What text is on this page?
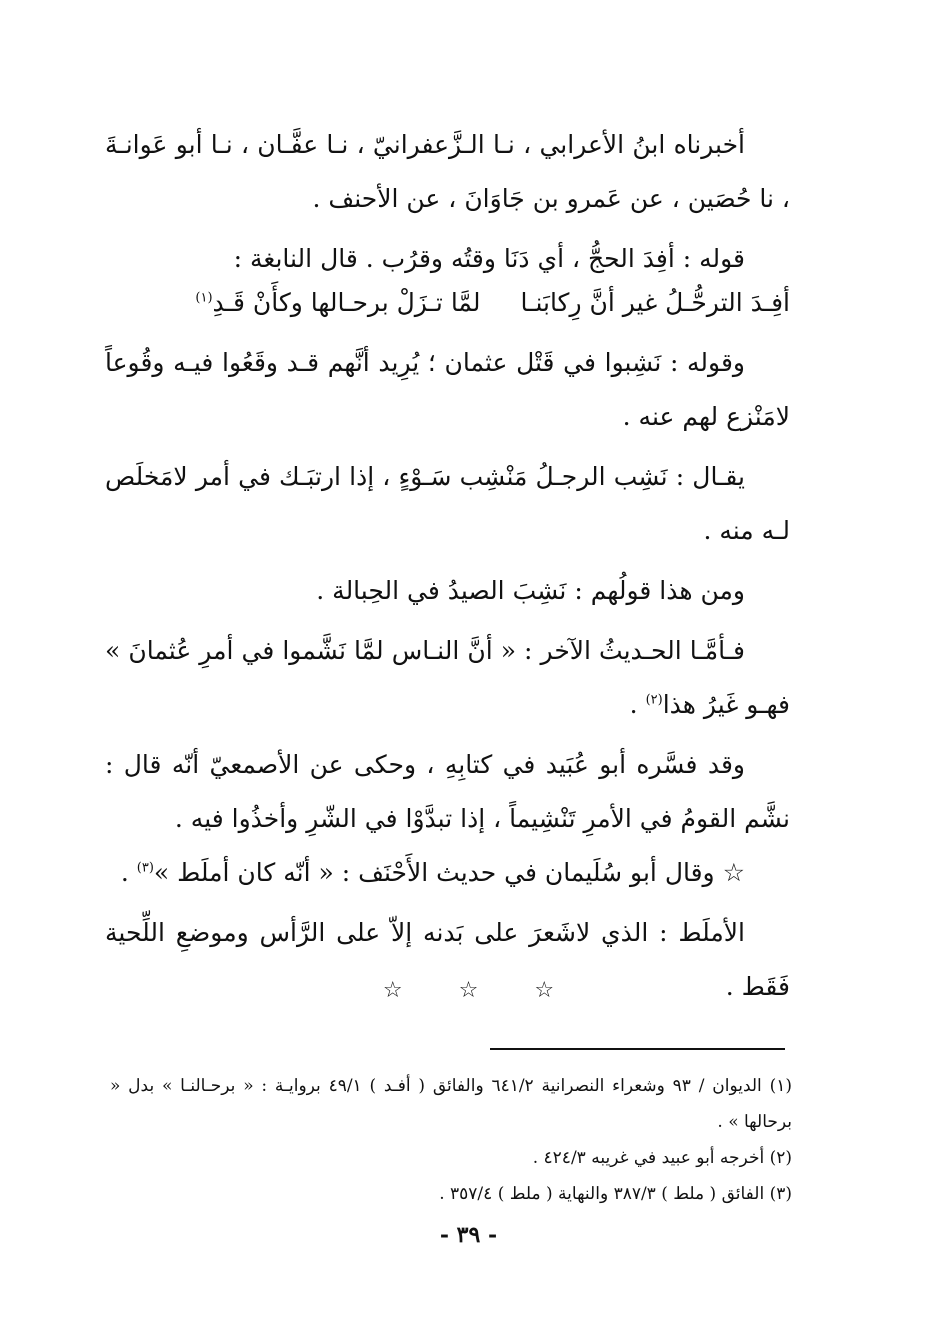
أخبرناه ابنُ الأعرابي ، نـا الـزَّعفرانيّ ، نـا عفَّـان ، نـا أبو عَوانـةَ ، نا حُصَين ، عن عَمرو بن جَاوَانَ ، عن الأحنف .

قوله : أفِدَ الحجُّ ، أي دَنَا وقتُه وقرُب . قال النابغة :

أفِـدَ الترحُّـلُ غير أنَّ رِكابَنـا
لمَّا تـزَلْ برحـالها وكأَنْ قَـدِ$^{(١)}$

وقوله : نَشِبوا في قَتْل عثمان ؛ يُرِيد أنَّهم قـد وقَعُوا فيـه وقُوعاً لامَنْزع لهم عنه .

يقـال : نَشِب الرجـلُ مَنْشِب سَـوْءٍ ، إذا ارتبَـك في أمر لامَخلَص لـه منه .

ومن هذا قولُهم : نَشِبَ الصيدُ في الحِبالة .

فـأمَّـا الحـديثُ الآخر : « أنَّ النـاس لمَّا نَشَّموا في أمرِ عُثمانَ » فهـو غَيرُ هذا$^{(٢)}$ .

وقد فسَّره أبو عُبَيد في كتابِهِ ، وحكى عن الأصمعيّ أنّه قال : نشَّم القومُ في الأمرِ تَنْشِيماً ، إذا تبدَّوْا في الشّرِ وأخذُوا فيه .

☆ وقال أبو سُلَيمان في حديث الأَحْنَف : « أنّه كان أملَط »$^{(٣)}$ .

الأملَط : الذي لاشَعرَ على بَدنه إلاّ على الرَّأس وموضعِ اللِّحية فَقَط .

☆☆☆

(١) الديوان / ٩٣ وشعراء النصرانية ٦٤١/٢ والفائق ( أفـد ) ٤٩/١ بروايـة : « برحـالنـا » بدل « برحالها » .

(٢) أخرجه أبو عبيد في غريبه ٤٢٤/٣ .

(٣) الفائق ( ملط ) ٣٨٧/٣ والنهاية ( ملط ) ٣٥٧/٤ .

- ٣٩ -
